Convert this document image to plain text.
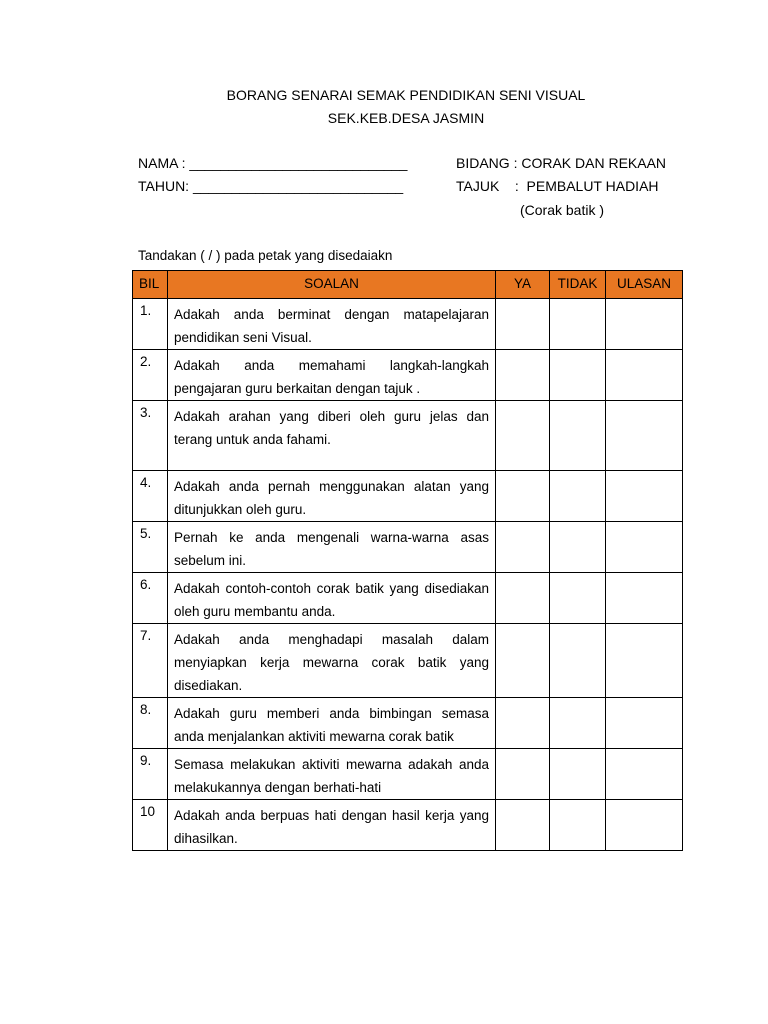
BORANG SENARAI SEMAK PENDIDIKAN SENI VISUAL
SEK.KEB.DESA JASMIN
NAMA : ____________________________
TAHUN: ___________________________
BIDANG : CORAK DAN REKAAN
TAJUK    :  PEMBALUT HADIAH
(Corak batik )
Tandakan ( / ) pada petak yang disedaiakn
BIL	SOALAN	YA	TIDAK	ULASAN
1.	Adakah anda berminat dengan matapelajaran pendidikan seni Visual.			
2.	Adakah anda memahami langkah-langkah pengajaran guru berkaitan dengan tajuk .			
3.	Adakah arahan yang diberi oleh guru jelas dan terang untuk anda fahami.			
4.	Adakah anda pernah menggunakan alatan yang ditunjukkan oleh guru.			
5.	Pernah ke anda mengenali warna-warna asas sebelum ini.			
6.	Adakah contoh-contoh corak batik yang disediakan oleh guru membantu anda.			
7.	Adakah anda menghadapi masalah dalam menyiapkan kerja mewarna corak batik yang disediakan.			
8.	Adakah guru memberi anda bimbingan semasa anda menjalankan aktiviti mewarna corak batik			
9.	Semasa melakukan aktiviti mewarna adakah anda melakukannya dengan berhati-hati			
10	Adakah anda berpuas hati dengan hasil kerja yang dihasilkan.			
